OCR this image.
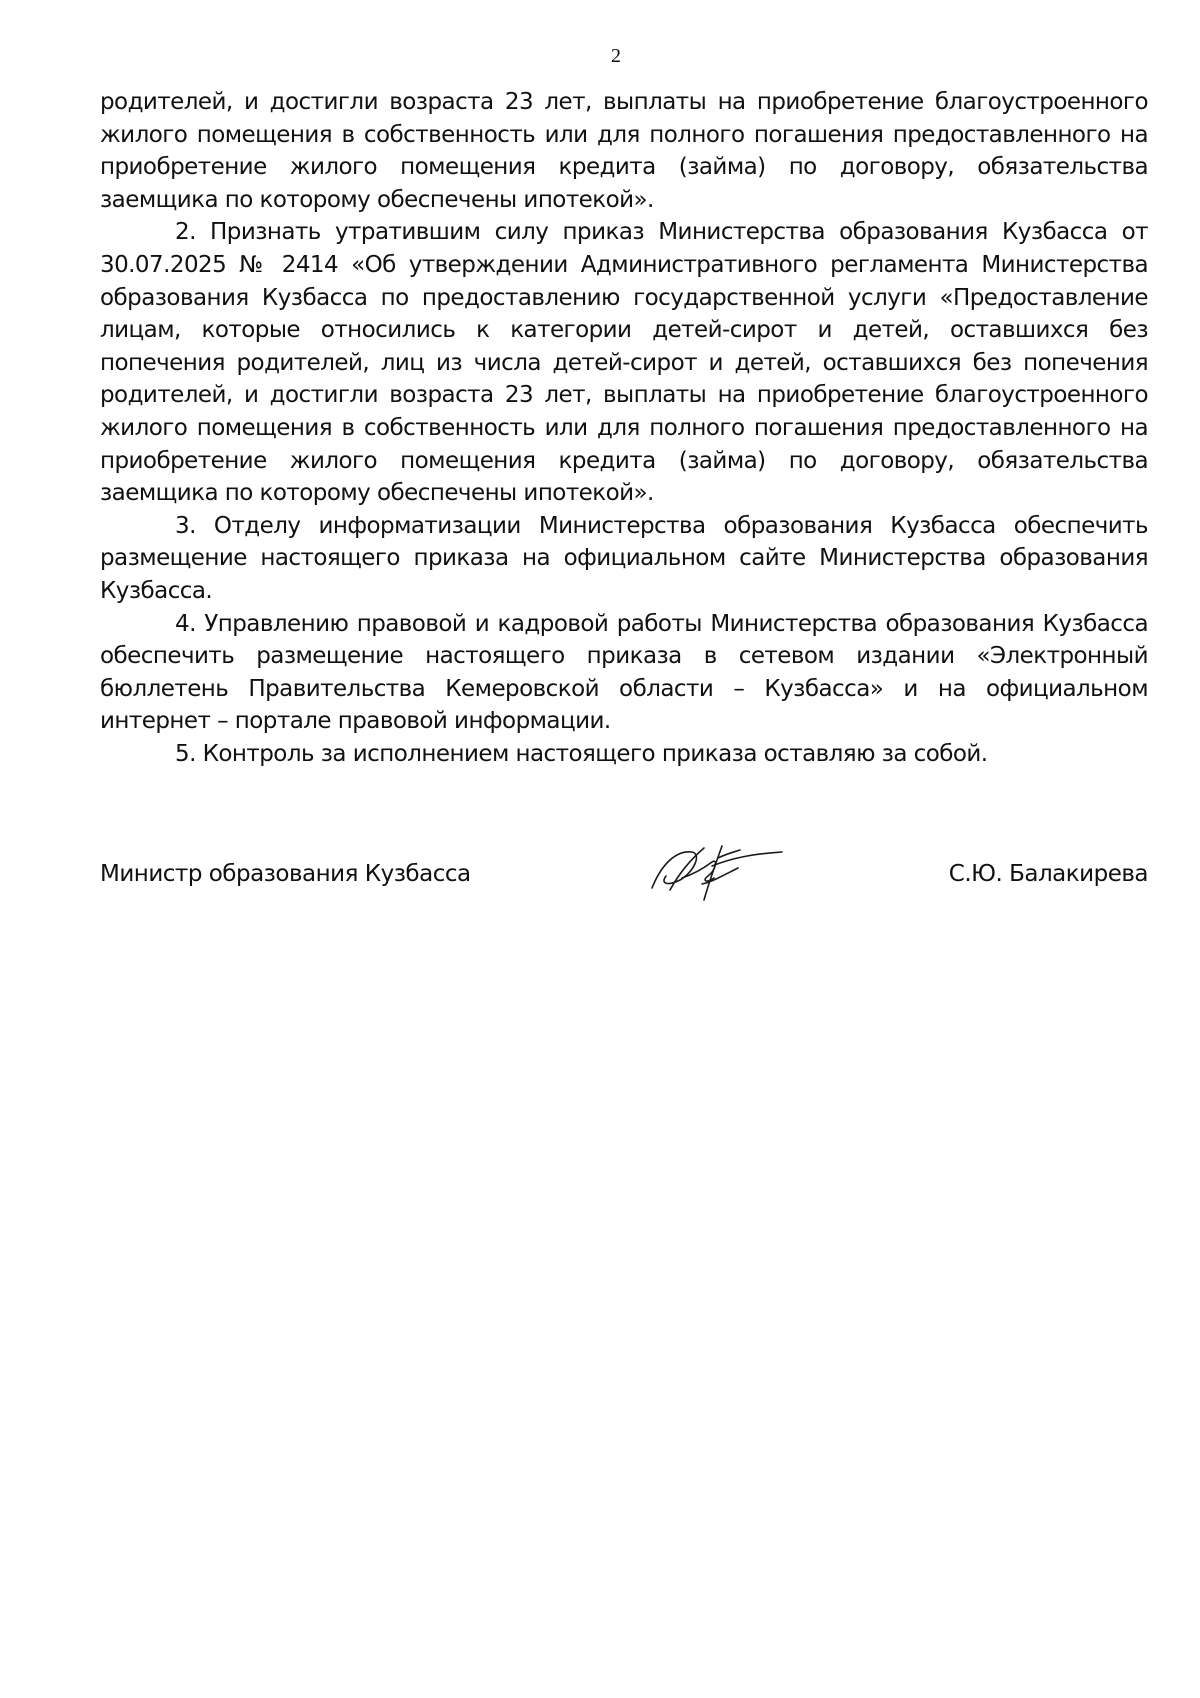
2

родителей, и достигли возраста 23 лет, выплаты на приобретение благоустроенного жилого помещения в собственность или для полного погашения предоставленного на приобретение жилого помещения кредита (займа) по договору, обязательства заемщика по которому обеспечены ипотекой».

2. Признать утратившим силу приказ Министерства образования Кузбасса от 30.07.2025 № 2414 «Об утверждении Административного регламента Министерства образования Кузбасса по предоставлению государственной услуги «Предоставление лицам, которые относились к категории детей-сирот и детей, оставшихся без попечения родителей, лиц из числа детей-сирот и детей, оставшихся без попечения родителей, и достигли возраста 23 лет, выплаты на приобретение благоустроенного жилого помещения в собственность или для полного погашения предоставленного на приобретение жилого помещения кредита (займа) по договору, обязательства заемщика по которому обеспечены ипотекой».

3. Отделу информатизации Министерства образования Кузбасса обеспечить размещение настоящего приказа на официальном сайте Министерства образования Кузбасса.

4. Управлению правовой и кадровой работы Министерства образования Кузбасса обеспечить размещение настоящего приказа в сетевом издании «Электронный бюллетень Правительства Кемеровской области – Кузбасса» и на официальном интернет – портале правовой информации.

5. Контроль за исполнением настоящего приказа оставляю за собой.

Министр образования Кузбасса	С.Ю. Балакирева
